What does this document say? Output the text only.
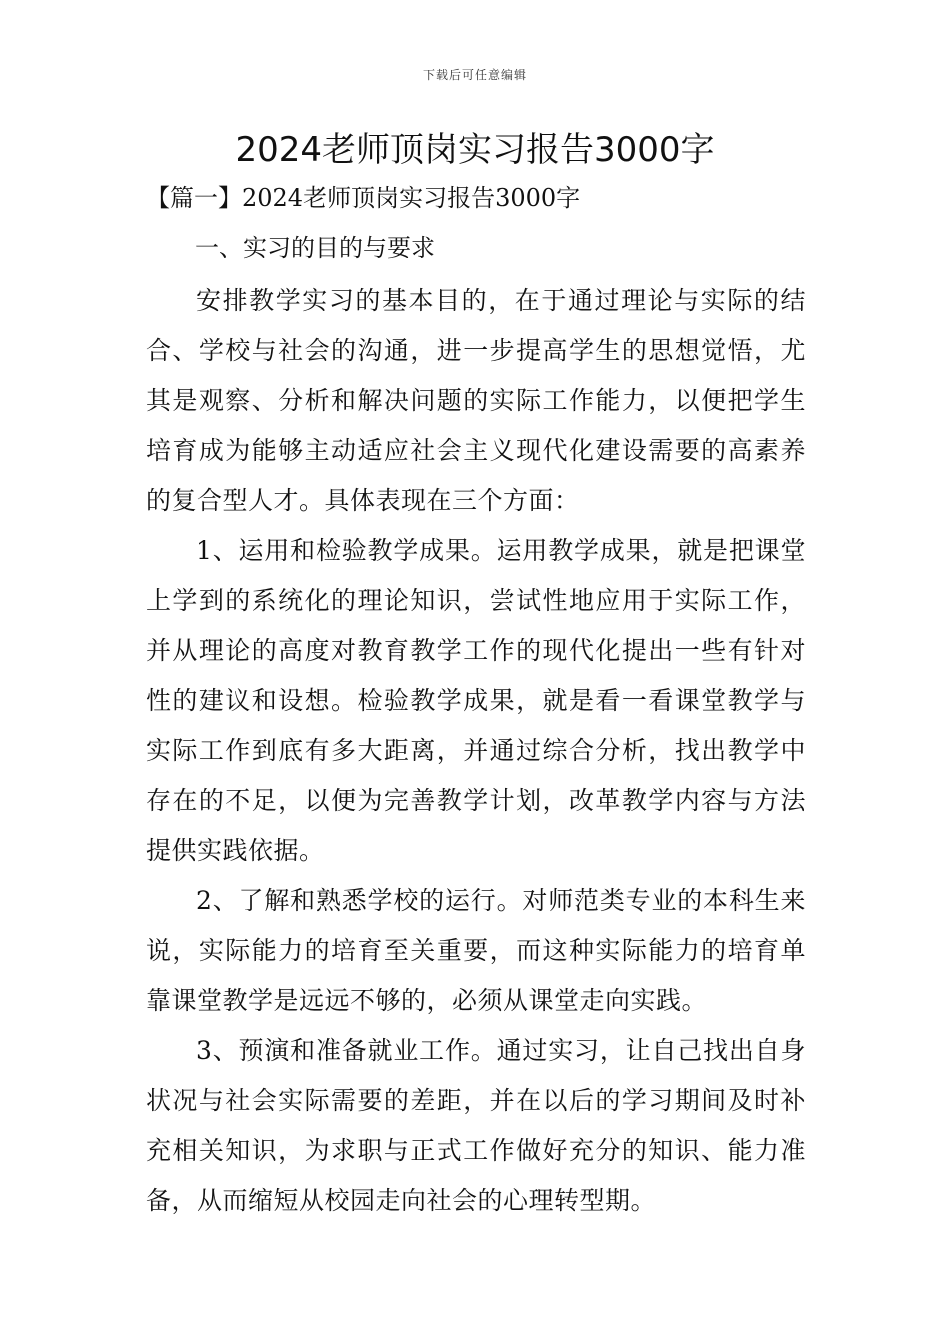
下载后可任意编辑
2024老师顶岗实习报告3000字
【篇一】2024老师顶岗实习报告3000字
一、实习的目的与要求

安排教学实习的基本目的，在于通过理论与实际的结合、学校与社会的沟通，进一步提高学生的思想觉悟，尤其是观察、分析和解决问题的实际工作能力，以便把学生培育成为能够主动适应社会主义现代化建设需要的高素养的复合型人才。具体表现在三个方面：

1、运用和检验教学成果。运用教学成果，就是把课堂上学到的系统化的理论知识，尝试性地应用于实际工作，并从理论的高度对教育教学工作的现代化提出一些有针对性的建议和设想。检验教学成果，就是看一看课堂教学与实际工作到底有多大距离，并通过综合分析，找出教学中存在的不足，以便为完善教学计划，改革教学内容与方法提供实践依据。

2、了解和熟悉学校的运行。对师范类专业的本科生来说，实际能力的培育至关重要，而这种实际能力的培育单靠课堂教学是远远不够的，必须从课堂走向实践。

3、预演和准备就业工作。通过实习，让自己找出自身状况与社会实际需要的差距，并在以后的学习期间及时补充相关知识，为求职与正式工作做好充分的知识、能力准备，从而缩短从校园走向社会的心理转型期。
